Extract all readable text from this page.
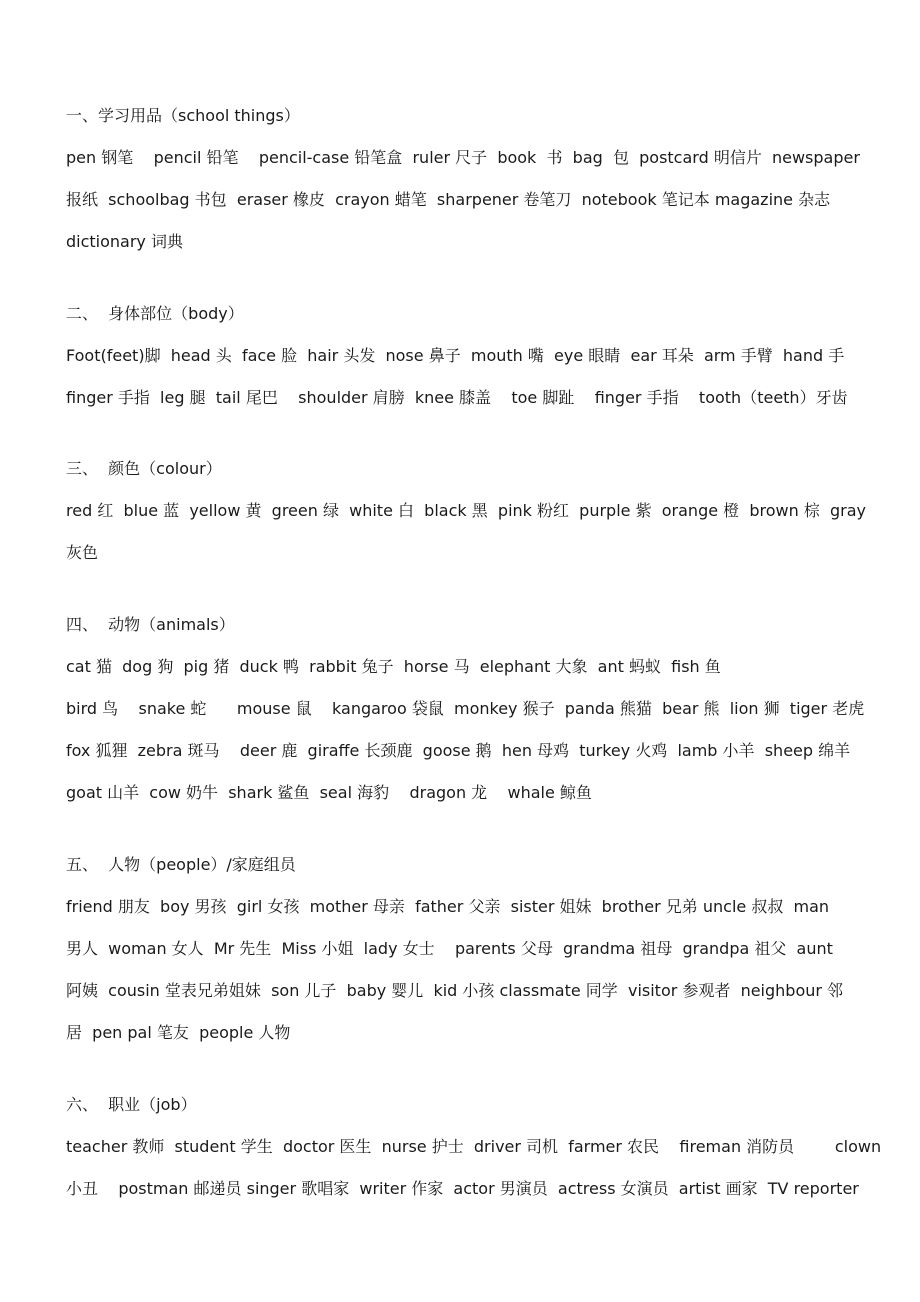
一、学习用品（school things）
pen 钢笔    pencil 铅笔    pencil-case 铅笔盒  ruler 尺子  book  书  bag  包  postcard 明信片  newspaper
报纸  schoolbag 书包  eraser 橡皮  crayon 蜡笔  sharpener 卷笔刀  notebook 笔记本 magazine 杂志
dictionary 词典
二、  身体部位（body）
Foot(feet)脚  head 头  face 脸  hair 头发  nose 鼻子  mouth 嘴  eye 眼睛  ear 耳朵  arm 手臂  hand 手
finger 手指  leg 腿  tail 尾巴    shoulder 肩膀  knee 膝盖    toe 脚趾    finger 手指    tooth（teeth）牙齿
三、  颜色（colour）
red 红  blue 蓝  yellow 黄  green 绿  white 白  black 黑  pink 粉红  purple 紫  orange 橙  brown 棕  gray
灰色
四、  动物（animals）
cat 猫  dog 狗  pig 猪  duck 鸭  rabbit 兔子  horse 马  elephant 大象  ant 蚂蚁  fish 鱼
bird 鸟    snake 蛇      mouse 鼠    kangaroo 袋鼠  monkey 猴子  panda 熊猫  bear 熊  lion 狮  tiger 老虎
fox 狐狸  zebra 斑马    deer 鹿  giraffe 长颈鹿  goose 鹅  hen 母鸡  turkey 火鸡  lamb 小羊  sheep 绵羊
goat 山羊  cow 奶牛  shark 鲨鱼  seal 海豹    dragon 龙    whale 鲸鱼
五、  人物（people）/家庭组员
friend 朋友  boy 男孩  girl 女孩  mother 母亲  father 父亲  sister 姐妹  brother 兄弟 uncle 叔叔  man
男人  woman 女人  Mr 先生  Miss 小姐  lady 女士    parents 父母  grandma 祖母  grandpa 祖父  aunt
阿姨  cousin 堂表兄弟姐妹  son 儿子  baby 婴儿  kid 小孩 classmate 同学  visitor 参观者  neighbour 邻
居  pen pal 笔友  people 人物
六、  职业（job）
teacher 教师  student 学生  doctor 医生  nurse 护士  driver 司机  farmer 农民    fireman 消防员        clown
小丑    postman 邮递员 singer 歌唱家  writer 作家  actor 男演员  actress 女演员  artist 画家  TV reporter
